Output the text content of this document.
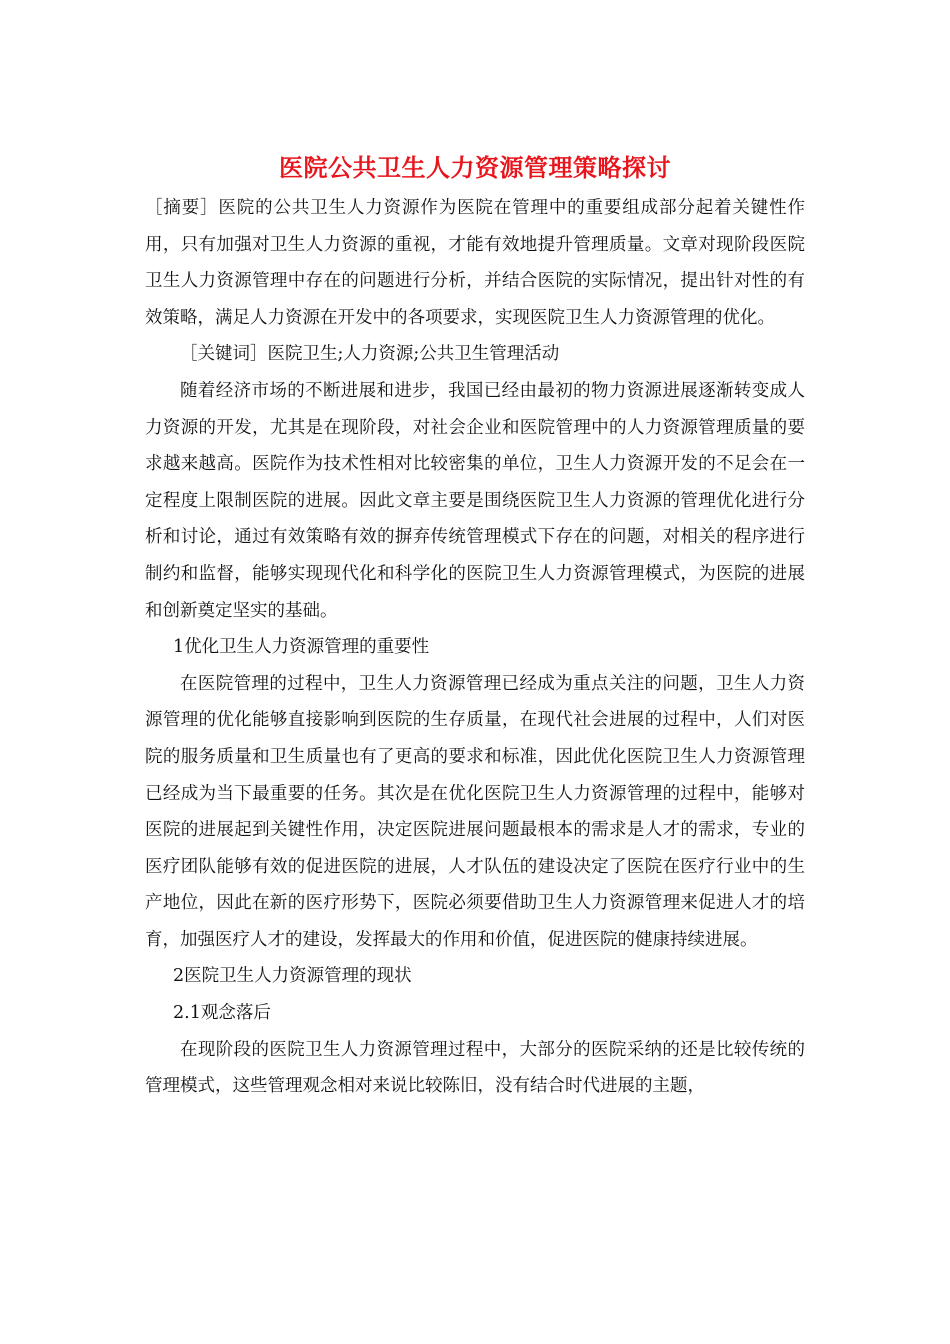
医院公共卫生人力资源管理策略探讨

［摘要］医院的公共卫生人力资源作为医院在管理中的重要组成部分起着关键性作用，只有加强对卫生人力资源的重视，才能有效地提升管理质量。文章对现阶段医院卫生人力资源管理中存在的问题进行分析，并结合医院的实际情况，提出针对性的有效策略，满足人力资源在开发中的各项要求，实现医院卫生人力资源管理的优化。

［关键词］医院卫生;人力资源;公共卫生管理活动

随着经济市场的不断进展和进步，我国已经由最初的物力资源进展逐渐转变成人力资源的开发，尤其是在现阶段，对社会企业和医院管理中的人力资源管理质量的要求越来越高。医院作为技术性相对比较密集的单位，卫生人力资源开发的不足会在一定程度上限制医院的进展。因此文章主要是围绕医院卫生人力资源的管理优化进行分析和讨论，通过有效策略有效的摒弃传统管理模式下存在的问题，对相关的程序进行制约和监督，能够实现现代化和科学化的医院卫生人力资源管理模式，为医院的进展和创新奠定坚实的基础。

1优化卫生人力资源管理的重要性

在医院管理的过程中，卫生人力资源管理已经成为重点关注的问题，卫生人力资源管理的优化能够直接影响到医院的生存质量，在现代社会进展的过程中，人们对医院的服务质量和卫生质量也有了更高的要求和标准，因此优化医院卫生人力资源管理已经成为当下最重要的任务。其次是在优化医院卫生人力资源管理的过程中，能够对医院的进展起到关键性作用，决定医院进展问题最根本的需求是人才的需求，专业的医疗团队能够有效的促进医院的进展，人才队伍的建设决定了医院在医疗行业中的生产地位，因此在新的医疗形势下，医院必须要借助卫生人力资源管理来促进人才的培育，加强医疗人才的建设，发挥最大的作用和价值，促进医院的健康持续进展。

2医院卫生人力资源管理的现状

2.1观念落后

在现阶段的医院卫生人力资源管理过程中，大部分的医院采纳的还是比较传统的管理模式，这些管理观念相对来说比较陈旧，没有结合时代进展的主题，
